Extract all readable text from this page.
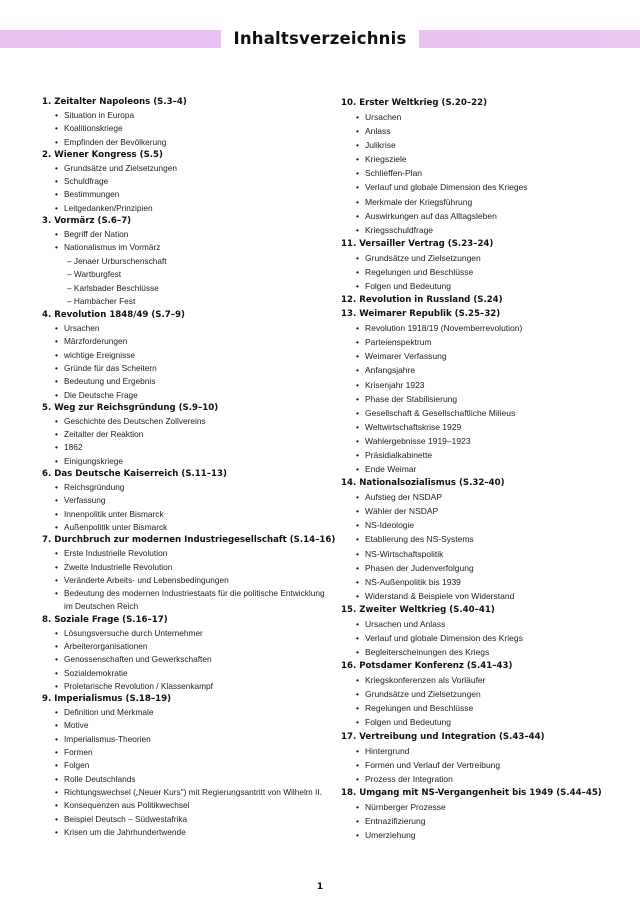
Inhaltsverzeichnis
1. Zeitalter Napoleons (S.3–4)
• Situation in Europa
• Koalitionskriege
• Empfinden der Bevölkerung
2. Wiener Kongress (S.5)
• Grundsätze und Zielsetzungen
• Schuldfrage
• Bestimmungen
• Leitgedanken/Prinzipien
3. Vormärz (S.6–7)
• Begriff der Nation
• Nationalismus im Vormärz
– Jenaer Urburschenschaft
– Wartburgfest
– Karlsbader Beschlüsse
– Hambacher Fest
4. Revolution 1848/49 (S.7–9)
• Ursachen
• Märzforderungen
• wichtige Ereignisse
• Gründe für das Scheitern
• Bedeutung und Ergebnis
• Die Deutsche Frage
5. Weg zur Reichsgründung (S.9–10)
• Geschichte des Deutschen Zollvereins
• Zeitalter der Reaktion
• 1862
• Einigungskriege
6. Das Deutsche Kaiserreich (S.11–13)
• Reichsgründung
• Verfassung
• Innenpolitik unter Bismarck
• Außenpolitik unter Bismarck
7. Durchbruch zur modernen Industriegesellschaft (S.14–16)
• Erste Industrielle Revolution
• Zweite Industrielle Revolution
• Veränderte Arbeits- und Lebensbedingungen
• Bedeutung des modernen Industriestaats für die politische Entwicklung im Deutschen Reich
8. Soziale Frage (S.16–17)
• Lösungsversuche durch Unternehmer
• Arbeiterorganisationen
• Genossenschaften und Gewerkschaften
• Sozialdemokratie
• Proletarische Revolution / Klassenkampf
9. Imperialismus (S.18–19)
• Definition und Merkmale
• Motive
• Imperialismus-Theorien
• Formen
• Folgen
• Rolle Deutschlands
• Richtungswechsel („Neuer Kurs") mit Regierungsantritt von Wilhelm II.
• Konsequenzen aus Politikwechsel
• Beispiel Deutsch – Südwestafrika
• Krisen um die Jahrhundertwende
10. Erster Weltkrieg (S.20–22)
• Ursachen
• Anlass
• Julikrise
• Kriegsziele
• Schlieffen-Plan
• Verlauf und globale Dimension des Krieges
• Merkmale der Kriegsführung
• Auswirkungen auf das Alltagsleben
• Kriegsschuldfrage
11. Versailler Vertrag (S.23–24)
• Grundsätze und Zielsetzungen
• Regelungen und Beschlüsse
• Folgen und Bedeutung
12. Revolution in Russland (S.24)
13. Weimarer Republik (S.25–32)
• Revolution 1918/19 (Novemberrevolution)
• Parteienspektrum
• Weimarer Verfassung
• Anfangsjahre
• Krisenjahr 1923
• Phase der Stabilisierung
• Gesellschaft & Gesellschaftliche Milieus
• Weltwirtschaftskrise 1929
• Wahlergebnisse 1919–1923
• Präsidialkabinette
• Ende Weimar
14. Nationalsozialismus (S.32–40)
• Aufstieg der NSDAP
• Wähler der NSDAP
• NS-Ideologie
• Etablierung des NS-Systems
• NS-Wirtschaftspolitik
• Phasen der Judenverfolgung
• NS-Außenpolitik bis 1939
• Widerstand & Beispiele von Widerstand
15. Zweiter Weltkrieg (S.40–41)
• Ursachen und Anlass
• Verlauf und globale Dimension des Kriegs
• Begleiterscheinungen des Kriegs
16. Potsdamer Konferenz (S.41–43)
• Kriegskonferenzen als Vorläufer
• Grundsätze und Zielsetzungen
• Regelungen und Beschlüsse
• Folgen und Bedeutung
17. Vertreibung und Integration (S.43–44)
• Hintergrund
• Formen und Verlauf der Vertreibung
• Prozess der Integration
18. Umgang mit NS-Vergangenheit bis 1949 (S.44–45)
• Nürnberger Prozesse
• Entnazifizierung
• Umerziehung
1
